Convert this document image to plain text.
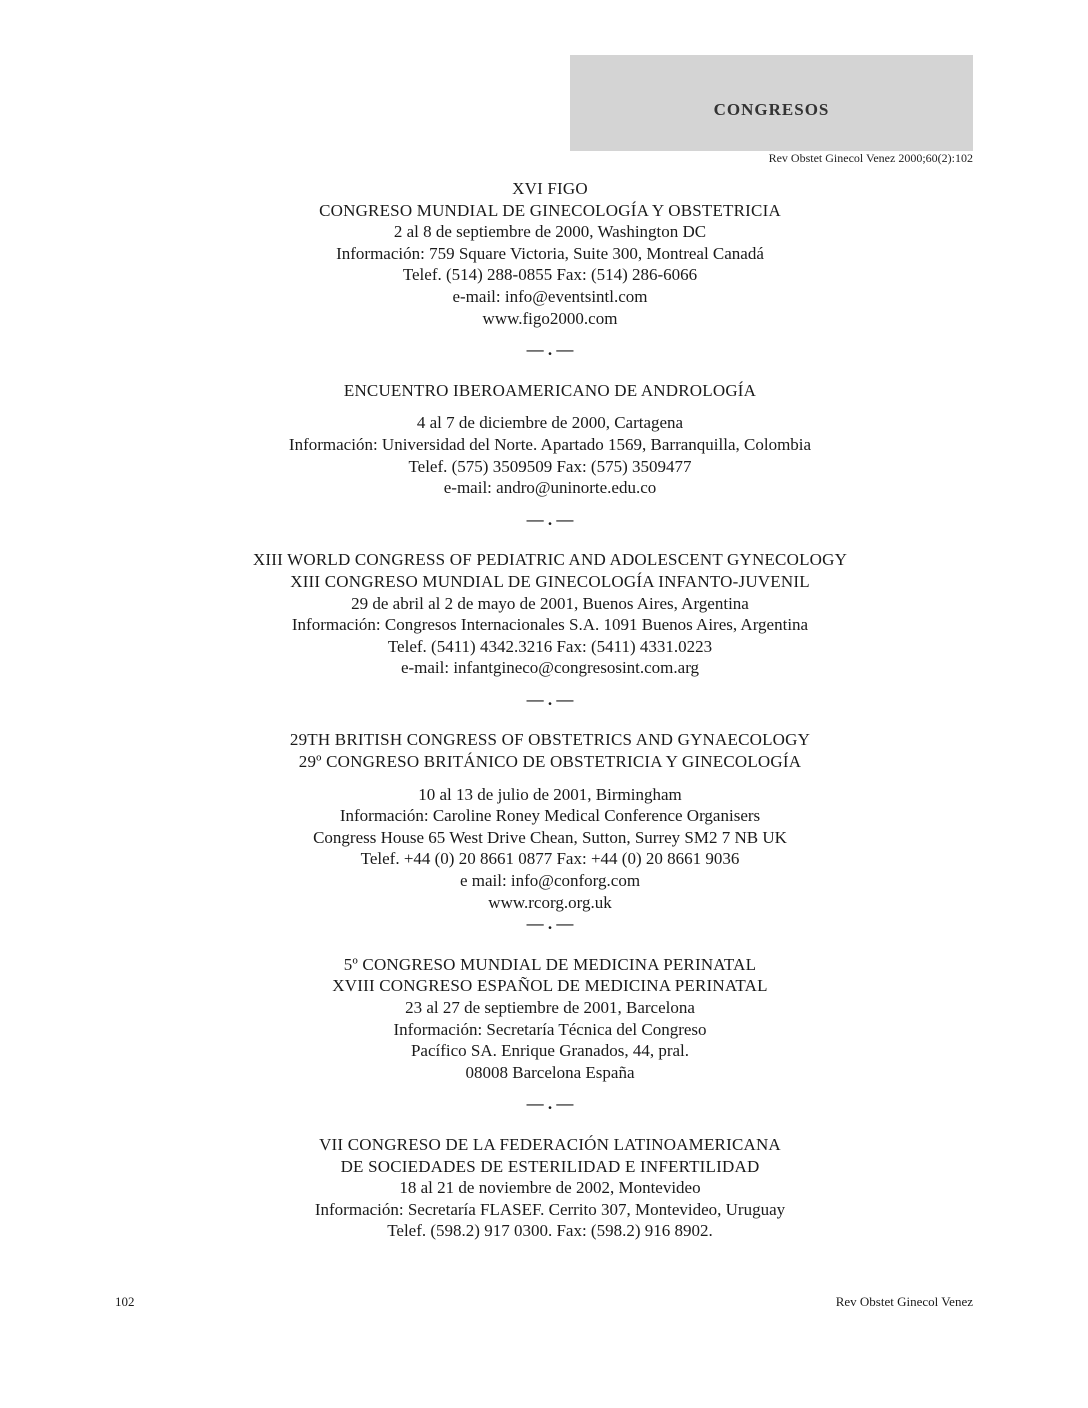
CONGRESOS
Rev Obstet Ginecol Venez 2000;60(2):102
XVI FIGO
CONGRESO MUNDIAL DE GINECOLOGÍA Y OBSTETRICIA
2 al 8 de septiembre de 2000, Washington DC
Información: 759 Square Victoria, Suite 300, Montreal Canadá
Telef. (514) 288-0855 Fax: (514) 286-6066
e-mail: info@eventsintl.com
www.figo2000.com
— . —
ENCUENTRO IBEROAMERICANO DE ANDROLOGÍA
4 al 7 de diciembre de 2000, Cartagena
Información: Universidad del Norte. Apartado 1569, Barranquilla, Colombia
Telef. (575) 3509509 Fax: (575) 3509477
e-mail: andro@uninorte.edu.co
— . —
XIII WORLD CONGRESS OF PEDIATRIC AND ADOLESCENT GYNECOLOGY
XIII CONGRESO MUNDIAL DE GINECOLOGÍA INFANTO-JUVENIL
29 de abril al 2 de mayo de 2001, Buenos Aires, Argentina
Información: Congresos Internacionales S.A. 1091 Buenos Aires, Argentina
Telef. (5411) 4342.3216 Fax: (5411) 4331.0223
e-mail: infantgineco@congresosint.com.arg
— . —
29TH BRITISH CONGRESS OF OBSTETRICS AND GYNAECOLOGY
29º CONGRESO BRITÁNICO DE OBSTETRICIA Y GINECOLOGÍA
10 al 13 de julio de 2001, Birmingham
Información: Caroline Roney Medical Conference Organisers
Congress House 65 West Drive Chean, Sutton, Surrey SM2 7 NB UK
Telef. +44 (0) 20 8661 0877 Fax: +44 (0) 20 8661 9036
e mail: info@conforg.com
www.rcorg.org.uk
— . —
5º CONGRESO MUNDIAL DE MEDICINA PERINATAL
XVIII CONGRESO ESPAÑOL DE MEDICINA PERINATAL
23 al 27 de septiembre de 2001, Barcelona
Información: Secretaría Técnica del Congreso
Pacífico SA. Enrique Granados, 44, pral.
08008 Barcelona España
— . —
VII CONGRESO DE LA FEDERACIÓN LATINOAMERICANA
DE SOCIEDADES DE ESTERILIDAD E INFERTILIDAD
18 al 21 de noviembre de 2002, Montevideo
Información: Secretaría FLASEF. Cerrito 307, Montevideo, Uruguay
Telef. (598.2) 917 0300. Fax: (598.2) 916 8902.
102	Rev Obstet Ginecol Venez
